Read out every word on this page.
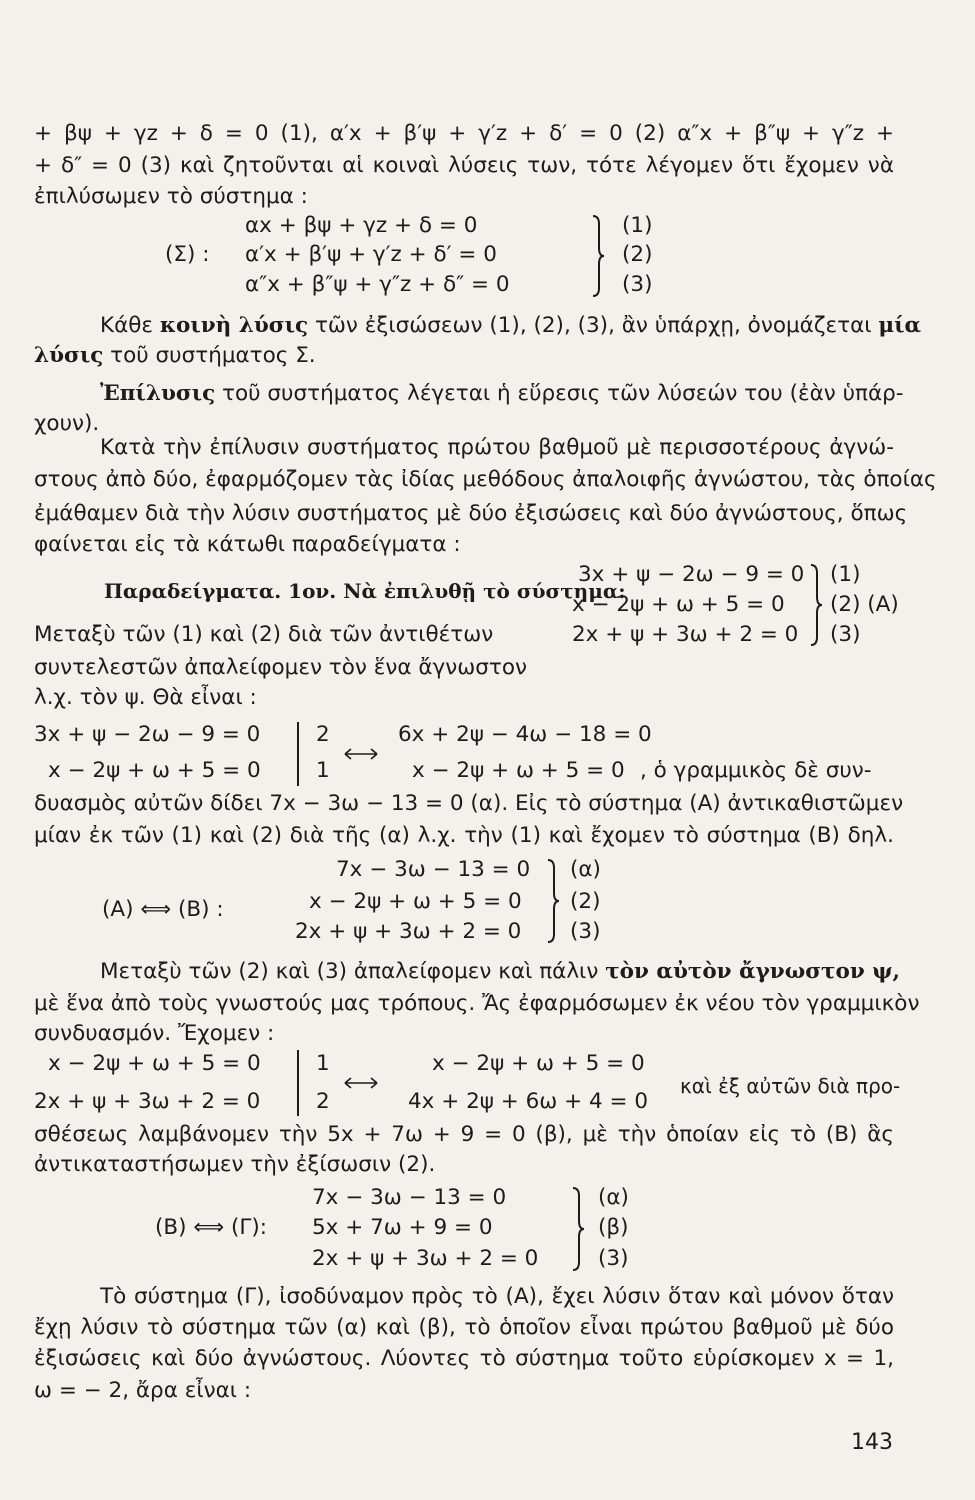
+ βψ + γz + δ = 0 (1), α′x + β′ψ + γ′z + δ′ = 0 (2) α″x + β″ψ + γ″z +
+ δ″ = 0 (3) καὶ ζητοῦνται αἱ κοιναὶ λύσεις των, τότε λέγομεν ὅτι ἔχομεν νὰ
ἐπιλύσωμεν τὸ σύστημα :
(Σ) :
αx + βψ + γz + δ = 0
α′x + β′ψ + γ′z + δ′ = 0
α″x + β″ψ + γ″z + δ″ = 0
(1)
(2)
(3)
Κάθε κοινὴ λύσις τῶν ἐξισώσεων (1), (2), (3), ἂν ὑπάρχῃ, ὀνομάζεται μία
λύσις τοῦ συστήματος Σ.
Ἐπίλυσις τοῦ συστήματος λέγεται ἡ εὕρεσις τῶν λύσεών του (ἐὰν ὑπάρ-
χουν).
Κατὰ τὴν ἐπίλυσιν συστήματος πρώτου βαθμοῦ μὲ περισσοτέρους ἀγνώ-
στους ἀπὸ δύο, ἐφαρμόζομεν τὰς ἰδίας μεθόδους ἀπαλοιφῆς ἀγνώστου, τὰς ὁποίας
ἐμάθαμεν διὰ τὴν λύσιν συστήματος μὲ δύο ἐξισώσεις καὶ δύο ἀγνώστους, ὅπως
φαίνεται εἰς τὰ κάτωθι παραδείγματα :
Παραδείγματα. 1ον. Νὰ ἐπιλυθῇ τὸ σύστημα:
3x + ψ − 2ω − 9 = 0
x − 2ψ + ω + 5 = 0
2x + ψ + 3ω + 2 = 0
(1)
(2) (A)
(3)
Μεταξὺ τῶν (1) καὶ (2) διὰ τῶν ἀντιθέτων
συντελεστῶν ἀπαλείφομεν τὸν ἕνα ἄγνωστον
λ.χ. τὸν ψ. Θὰ εἶναι :
3x + ψ − 2ω − 9 = 0
x − 2ψ + ω + 5 = 0
2
1
6x + 2ψ − 4ω − 18 = 0
x − 2ψ + ω + 5 = 0 , ὁ γραμμικὸς δὲ συν-
δυασμὸς αὐτῶν δίδει 7x − 3ω − 13 = 0 (α). Εἰς τὸ σύστημα (A) ἀντικαθιστῶμεν
μίαν ἐκ τῶν (1) καὶ (2) διὰ τῆς (α) λ.χ. τὴν (1) καὶ ἔχομεν τὸ σύστημα (B) δηλ.
(A) ⟺ (B) :
7x − 3ω − 13 = 0
x − 2ψ + ω + 5 = 0
2x + ψ + 3ω + 2 = 0
(α)
(2)
(3)
Μεταξὺ τῶν (2) καὶ (3) ἀπαλείφομεν καὶ πάλιν τὸν αὐτὸν ἄγνωστον ψ,
μὲ ἕνα ἀπὸ τοὺς γνωστούς μας τρόπους. Ἄς ἐφαρμόσωμεν ἐκ νέου τὸν γραμμικὸν
συνδυασμόν. Ἔχομεν :
x − 2ψ + ω + 5 = 0
2x + ψ + 3ω + 2 = 0
1
2
x − 2ψ + ω + 5 = 0
4x + 2ψ + 6ω + 4 = 0
καὶ ἐξ αὐτῶν διὰ προ-
σθέσεως λαμβάνομεν τὴν 5x + 7ω + 9 = 0 (β), μὲ τὴν ὁποίαν εἰς τὸ (B) ἃς
ἀντικαταστήσωμεν τὴν ἐξίσωσιν (2).
(B) ⟺ (Γ):
7x − 3ω − 13 = 0
5x + 7ω + 9 = 0
2x + ψ + 3ω + 2 = 0
(α)
(β)
(3)
Τὸ σύστημα (Γ), ἰσοδύναμον πρὸς τὸ (A), ἔχει λύσιν ὅταν καὶ μόνον ὅταν
ἔχῃ λύσιν τὸ σύστημα τῶν (α) καὶ (β), τὸ ὁποῖον εἶναι πρώτου βαθμοῦ μὲ δύο
ἐξισώσεις καὶ δύο ἀγνώστους. Λύοντες τὸ σύστημα τοῦτο εὑρίσκομεν x = 1,
ω = − 2, ἄρα εἶναι :
143
